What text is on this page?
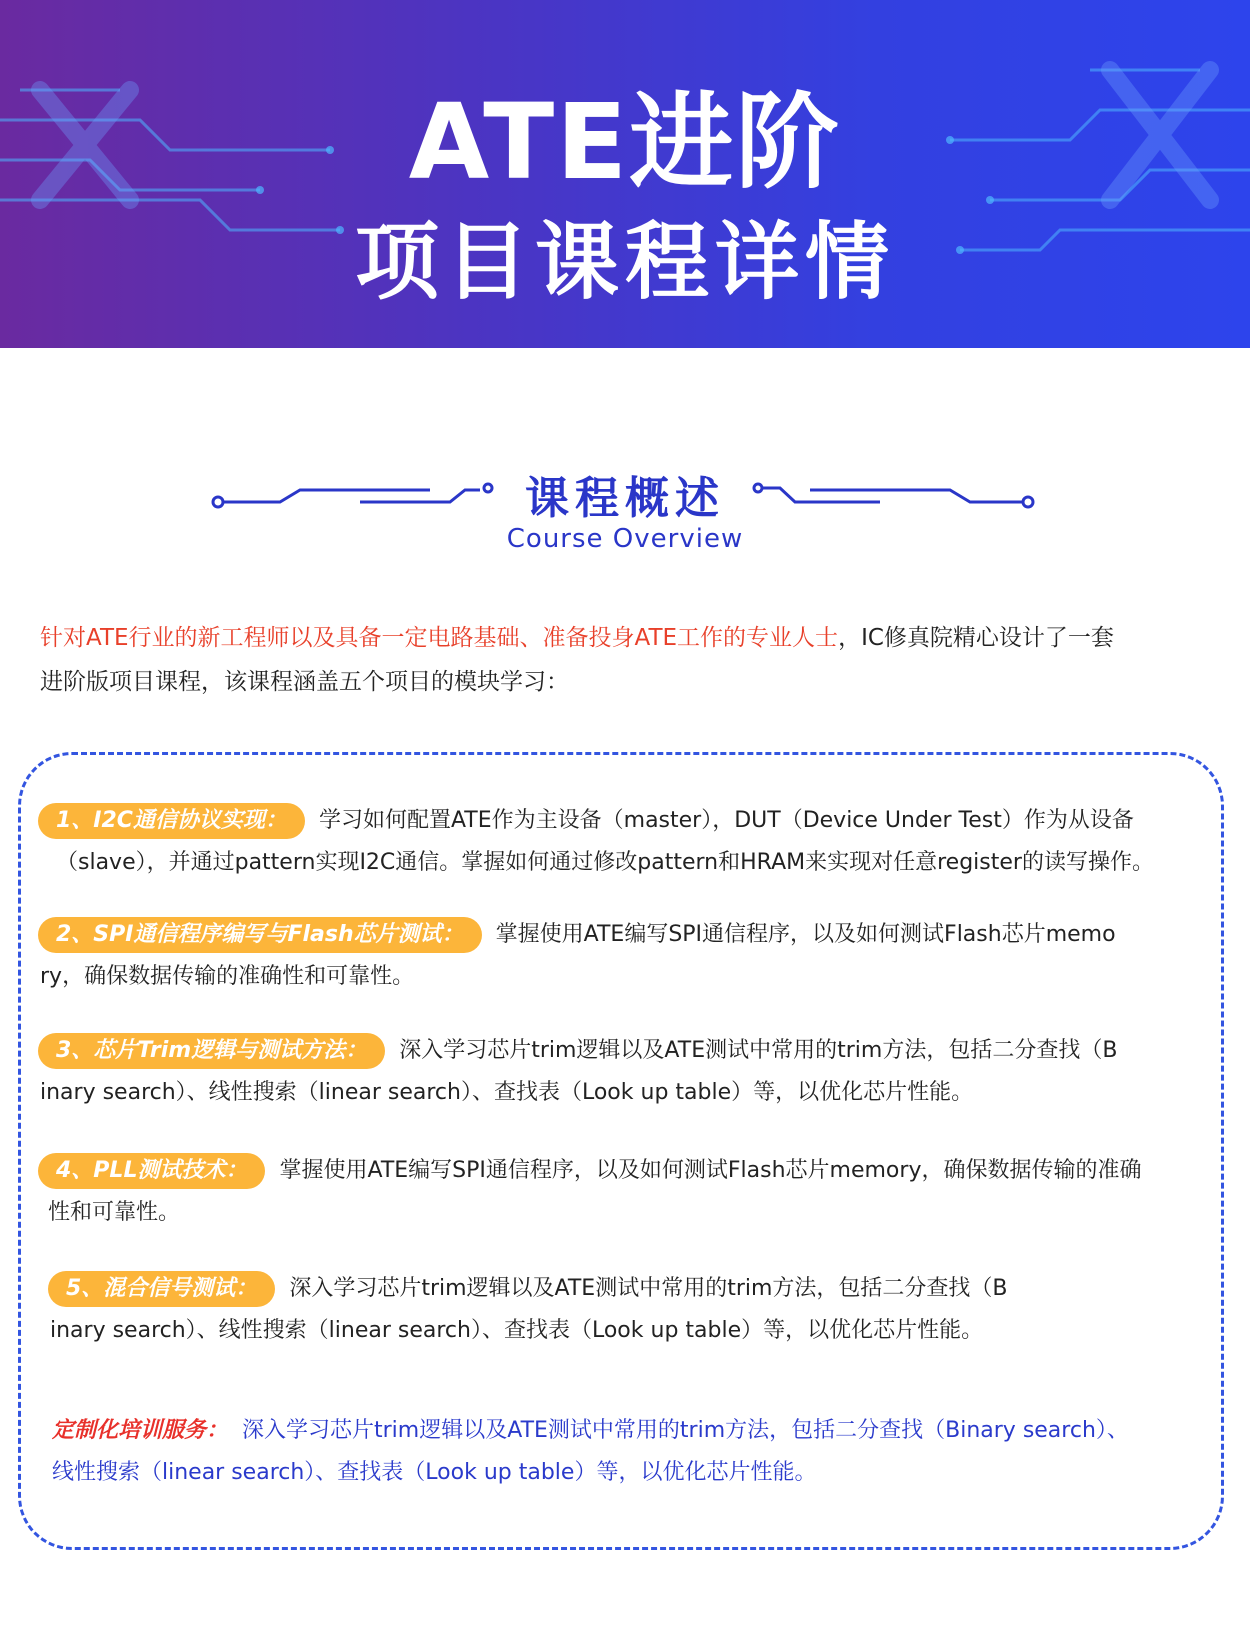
ATE进阶
项目课程详情
课程概述
Course Overview
针对ATE行业的新工程师以及具备一定电路基础、准备投身ATE工作的专业人士，IC修真院精心设计了一套
进阶版项目课程，该课程涵盖五个项目的模块学习：
1、I2C通信协议实现： 学习如何配置ATE作为主设备（master），DUT（Device Under Test）作为从设备
（slave），并通过pattern实现I2C通信。掌握如何通过修改pattern和HRAM来实现对任意register的读写操作。
2、SPI通信程序编写与Flash芯片测试： 掌握使用ATE编写SPI通信程序，以及如何测试Flash芯片memo
ry，确保数据传输的准确性和可靠性。
3、芯片Trim逻辑与测试方法： 深入学习芯片trim逻辑以及ATE测试中常用的trim方法，包括二分查找（B
inary search）、线性搜索（linear search）、查找表（Look up table）等，以优化芯片性能。
4、PLL测试技术： 掌握使用ATE编写SPI通信程序，以及如何测试Flash芯片memory，确保数据传输的准确
性和可靠性。
5、混合信号测试： 深入学习芯片trim逻辑以及ATE测试中常用的trim方法，包括二分查找（B
inary search）、线性搜索（linear search）、查找表（Look up table）等，以优化芯片性能。
定制化培训服务： 深入学习芯片trim逻辑以及ATE测试中常用的trim方法，包括二分查找（Binary search）、
线性搜索（linear search）、查找表（Look up table）等，以优化芯片性能。
